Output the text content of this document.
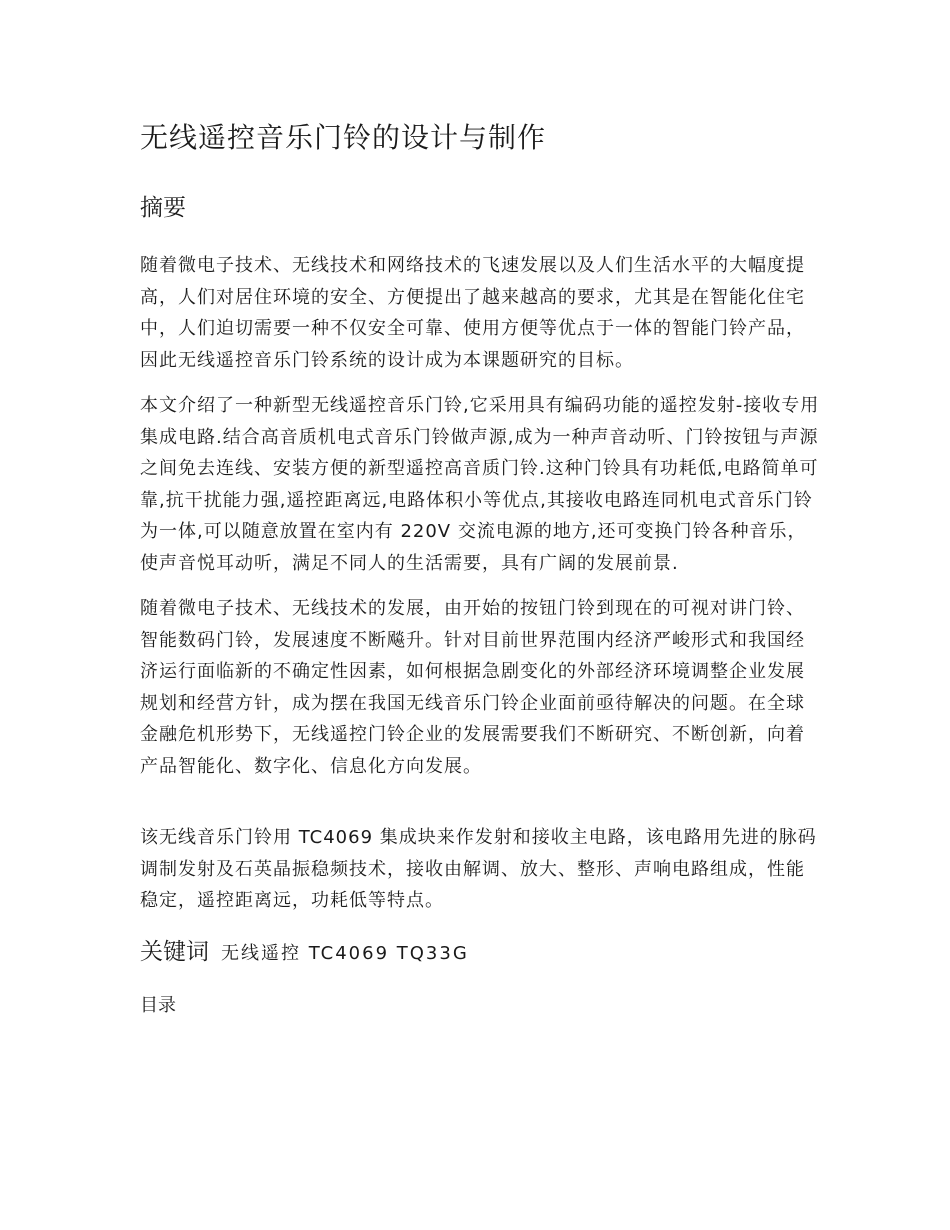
无线遥控音乐门铃的设计与制作
摘要

随着微电子技术、无线技术和网络技术的飞速发展以及人们生活水平的大幅度提高，人们对居住环境的安全、方便提出了越来越高的要求，尤其是在智能化住宅中，人们迫切需要一种不仅安全可靠、使用方便等优点于一体的智能门铃产品，因此无线遥控音乐门铃系统的设计成为本课题研究的目标。

本文介绍了一种新型无线遥控音乐门铃,它采用具有编码功能的遥控发射-接收专用集成电路.结合高音质机电式音乐门铃做声源,成为一种声音动听、门铃按钮与声源之间免去连线、安装方便的新型遥控高音质门铃.这种门铃具有功耗低,电路简单可靠,抗干扰能力强,遥控距离远,电路体积小等优点,其接收电路连同机电式音乐门铃为一体,可以随意放置在室内有 220V 交流电源的地方,还可变换门铃各种音乐，使声音悦耳动听，满足不同人的生活需要，具有广阔的发展前景.

随着微电子技术、无线技术的发展，由开始的按钮门铃到现在的可视对讲门铃、智能数码门铃，发展速度不断飚升。针对目前世界范围内经济严峻形式和我国经济运行面临新的不确定性因素，如何根据急剧变化的外部经济环境调整企业发展规划和经营方针，成为摆在我国无线音乐门铃企业面前亟待解决的问题。在全球金融危机形势下，无线遥控门铃企业的发展需要我们不断研究、不断创新，向着产品智能化、数字化、信息化方向发展。

该无线音乐门铃用 TC4069 集成块来作发射和接收主电路，该电路用先进的脉码调制发射及石英晶振稳频技术，接收由解调、放大、整形、声响电路组成，性能稳定，遥控距离远，功耗低等特点。

关键词 无线遥控 TC4069 TQ33G
目录
